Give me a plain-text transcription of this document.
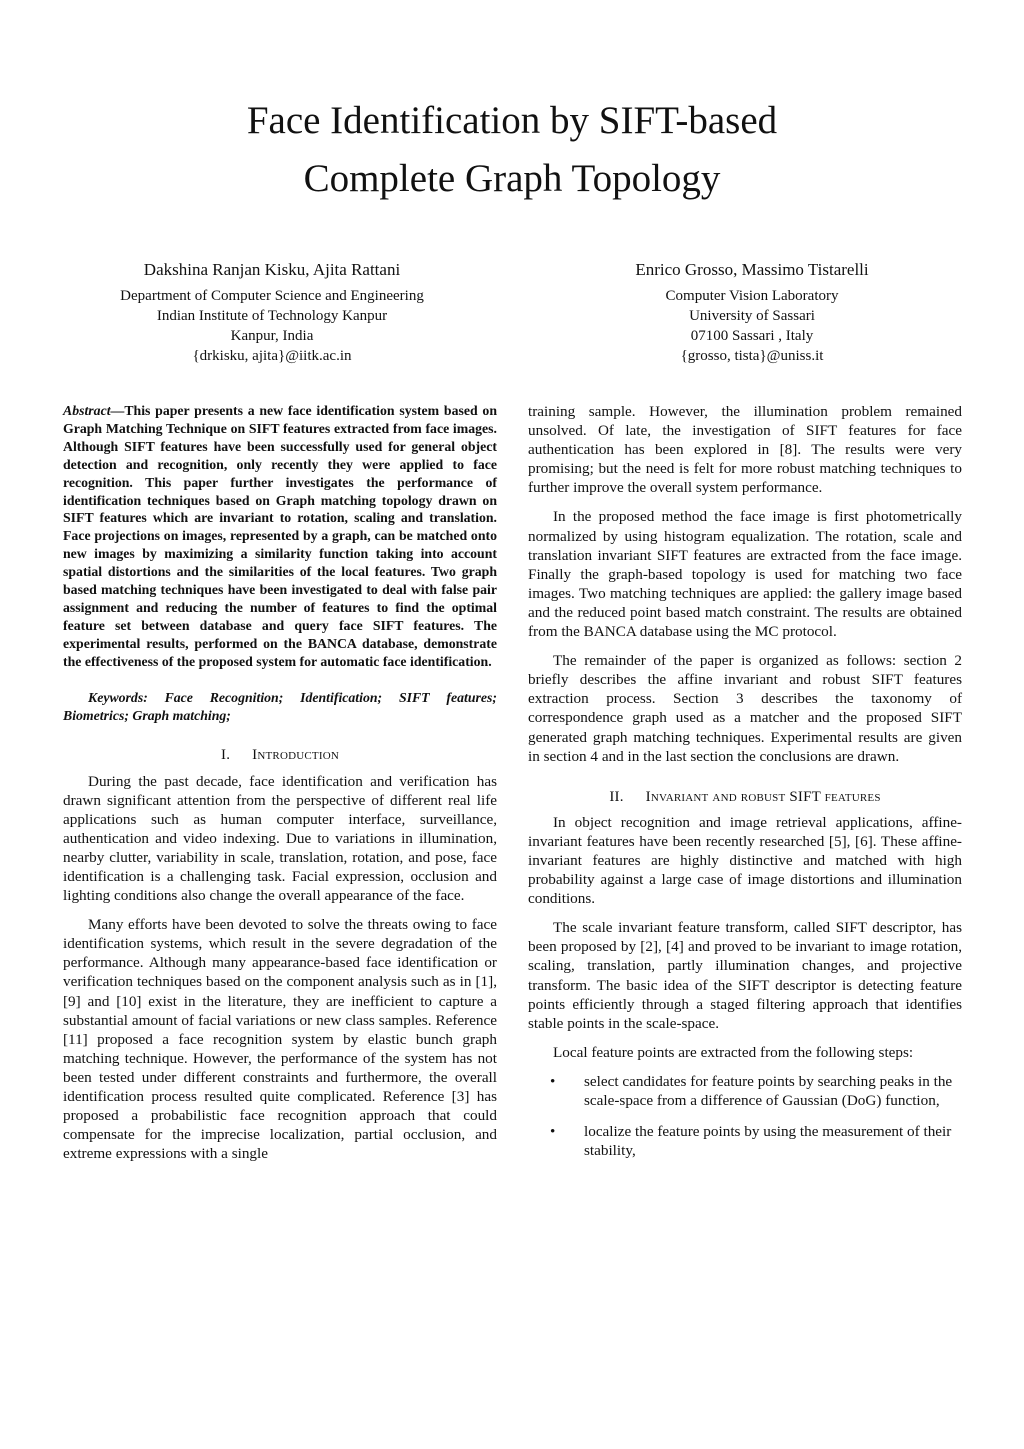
Face Identification by SIFT-based
Complete Graph Topology
Dakshina Ranjan Kisku, Ajita Rattani
Department of Computer Science and Engineering
Indian Institute of Technology Kanpur
Kanpur, India
{drkisku, ajita}@iitk.ac.in
Enrico Grosso, Massimo Tistarelli
Computer Vision Laboratory
University of Sassari
07100 Sassari , Italy
{grosso, tista}@uniss.it

Abstract—This paper presents a new face identification system based on Graph Matching Technique on SIFT features extracted from face images. Although SIFT features have been successfully used for general object detection and recognition, only recently they were applied to face recognition. This paper further investigates the performance of identification techniques based on Graph matching topology drawn on SIFT features which are invariant to rotation, scaling and translation. Face projections on images, represented by a graph, can be matched onto new images by maximizing a similarity function taking into account spatial distortions and the similarities of the local features. Two graph based matching techniques have been investigated to deal with false pair assignment and reducing the number of features to find the optimal feature set between database and query face SIFT features. The experimental results, performed on the BANCA database, demonstrate the effectiveness of the proposed system for automatic face identification.

Keywords: Face Recognition; Identification; SIFT features; Biometrics; Graph matching;

I. Introduction

During the past decade, face identification and verification has drawn significant attention from the perspective of different real life applications such as human computer interface, surveillance, authentication and video indexing. Due to variations in illumination, nearby clutter, variability in scale, translation, rotation, and pose, face identification is a challenging task. Facial expression, occlusion and lighting conditions also change the overall appearance of the face.

Many efforts have been devoted to solve the threats owing to face identification systems, which result in the severe degradation of the performance. Although many appearance-based face identification or verification techniques based on the component analysis such as in [1], [9] and [10] exist in the literature, they are inefficient to capture a substantial amount of facial variations or new class samples. Reference [11] proposed a face recognition system by elastic bunch graph matching technique. However, the performance of the system has not been tested under different constraints and furthermore, the overall identification process resulted quite complicated. Reference [3] has proposed a probabilistic face recognition approach that could compensate for the imprecise localization, partial occlusion, and extreme expressions with a single

training sample. However, the illumination problem remained unsolved. Of late, the investigation of SIFT features for face authentication has been explored in [8]. The results were very promising; but the need is felt for more robust matching techniques to further improve the overall system performance.

In the proposed method the face image is first photometrically normalized by using histogram equalization. The rotation, scale and translation invariant SIFT features are extracted from the face image. Finally the graph-based topology is used for matching two face images. Two matching techniques are applied: the gallery image based and the reduced point based match constraint. The results are obtained from the BANCA database using the MC protocol.

The remainder of the paper is organized as follows: section 2 briefly describes the affine invariant and robust SIFT features extraction process. Section 3 describes the taxonomy of correspondence graph used as a matcher and the proposed SIFT generated graph matching techniques. Experimental results are given in section 4 and in the last section the conclusions are drawn.

II. Invariant and robust SIFT features

In object recognition and image retrieval applications, affine-invariant features have been recently researched [5], [6]. These affine-invariant features are highly distinctive and matched with high probability against a large case of image distortions and illumination conditions.

The scale invariant feature transform, called SIFT descriptor, has been proposed by [2], [4] and proved to be invariant to image rotation, scaling, translation, partly illumination changes, and projective transform. The basic idea of the SIFT descriptor is detecting feature points efficiently through a staged filtering approach that identifies stable points in the scale-space.

Local feature points are extracted from the following steps:

• select candidates for feature points by searching peaks in the scale-space from a difference of Gaussian (DoG) function,
• localize the feature points by using the measurement of their stability,
